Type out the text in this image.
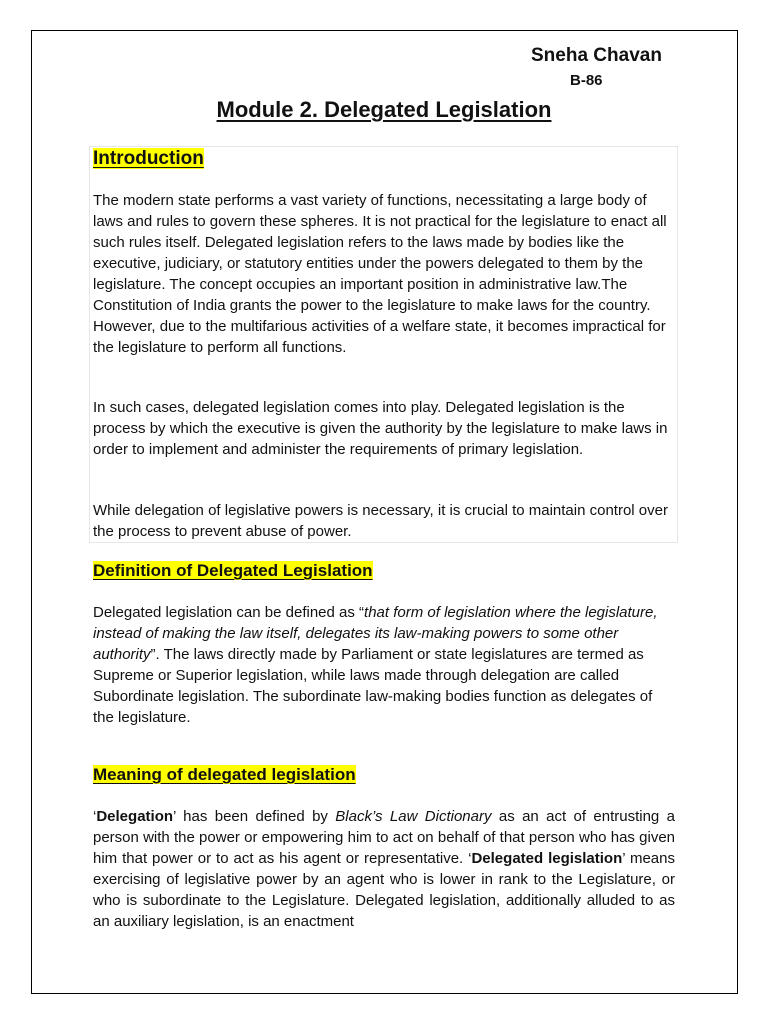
Sneha Chavan
B-86
Module 2. Delegated Legislation
Introduction

The modern state performs a vast variety of functions, necessitating a large body of laws and rules to govern these spheres. It is not practical for the legislature to enact all such rules itself. Delegated legislation refers to the laws made by bodies like the executive, judiciary, or statutory entities under the powers delegated to them by the legislature. The concept occupies an important position in administrative law.The Constitution of India grants the power to the legislature to make laws for the country. However, due to the multifarious activities of a welfare state, it becomes impractical for the legislature to perform all functions.

In such cases, delegated legislation comes into play. Delegated legislation is the process by which the executive is given the authority by the legislature to make laws in order to implement and administer the requirements of primary legislation.

While delegation of legislative powers is necessary, it is crucial to maintain control over the process to prevent abuse of power.

Definition of Delegated Legislation

Delegated legislation can be defined as “that form of legislation where the legislature, instead of making the law itself, delegates its law-making powers to some other authority”. The laws directly made by Parliament or state legislatures are termed as Supreme or Superior legislation, while laws made through delegation are called Subordinate legislation. The subordinate law-making bodies function as delegates of the legislature.

Meaning of delegated legislation

‘Delegation’ has been defined by Black’s Law Dictionary as an act of entrusting a person with the power or empowering him to act on behalf of that person who has given him that power or to act as his agent or representative. ‘Delegated legislation’ means exercising of legislative power by an agent who is lower in rank to the Legislature, or who is subordinate to the Legislature. Delegated legislation, additionally alluded to as an auxiliary legislation, is an enactment
